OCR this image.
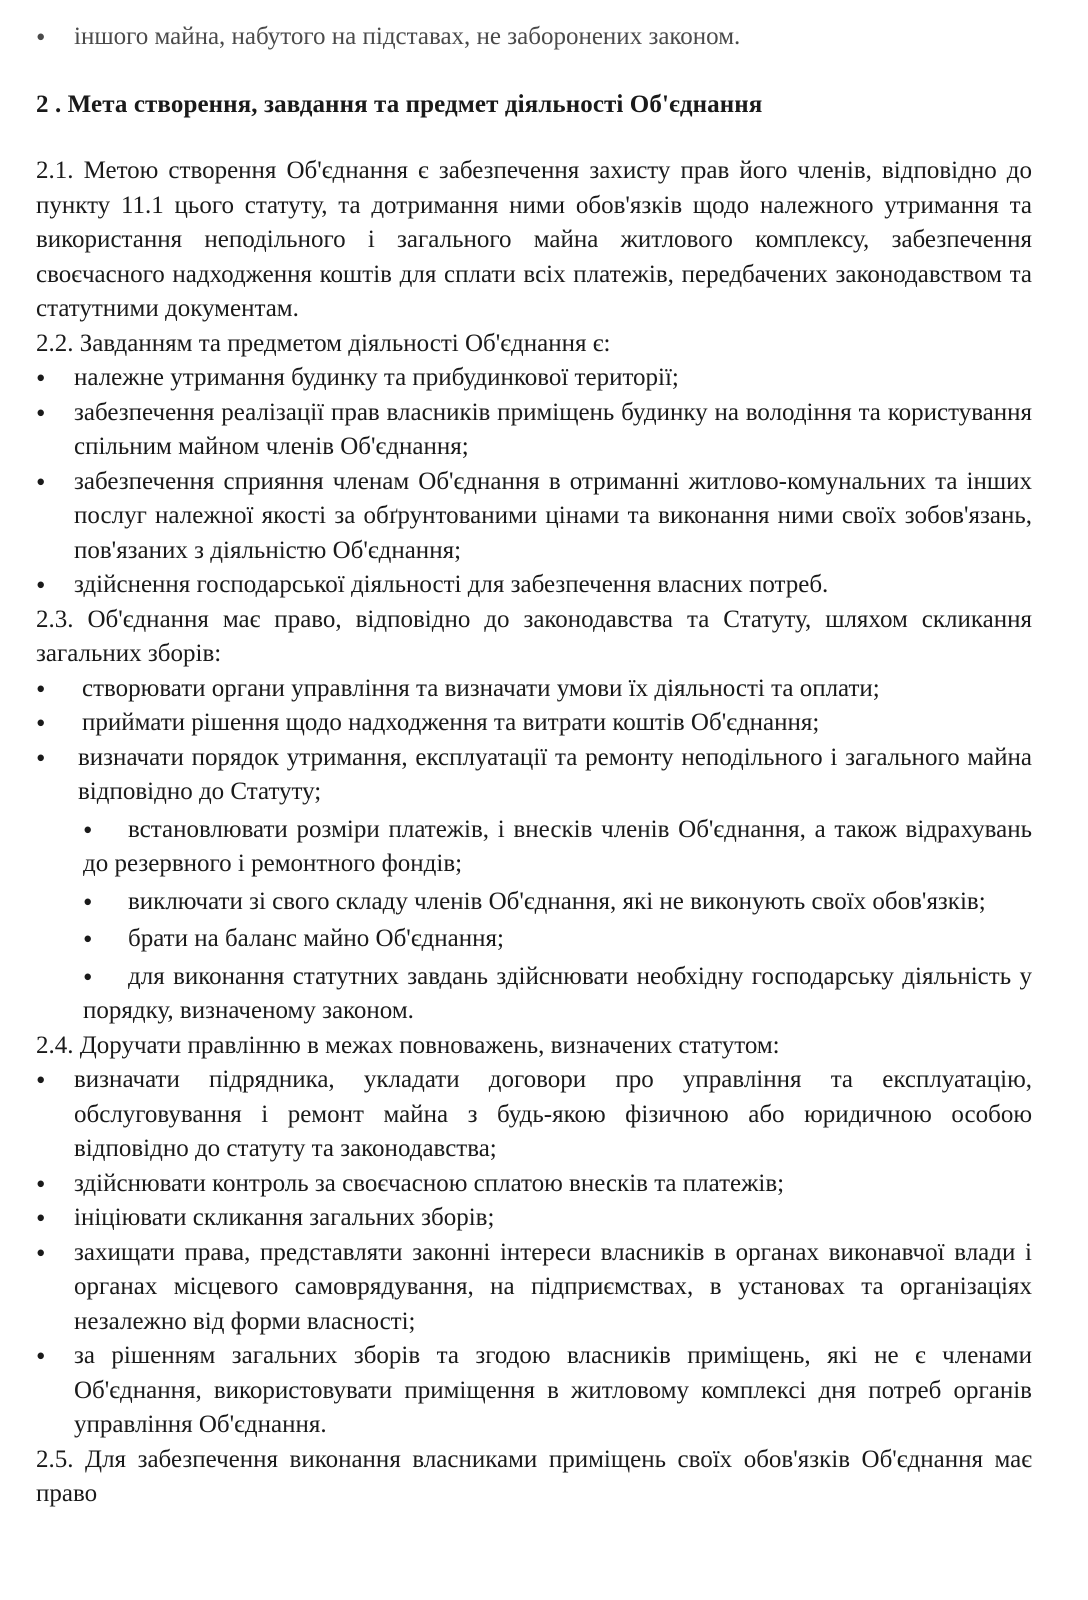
• іншого майна, набутого на підставах, не заборонених законом.
2 . Мета створення, завдання та предмет діяльності Об'єднання

2.1. Метою створення Об'єднання є забезпечення захисту прав його членів, відповідно до пункту 11.1 цього статуту, та дотримання ними обов'язків щодо належного утримання та використання неподільного і загального майна житлового комплексу, забезпечення своєчасного надходження коштів для сплати всіх платежів, передбачених законодавством та статутними документам.

2.2. Завданням та предметом діяльності Об'єднання є:

• належне утримання будинку та прибудинкової території;
• забезпечення реалізації прав власників приміщень будинку на володіння та користування спільним майном членів Об'єднання;
• забезпечення сприяння членам Об'єднання в отриманні житлово-комунальних та інших послуг належної якості за обґрунтованими цінами та виконання ними своїх зобов'язань, пов'язаних з діяльністю Об'єднання;
• здійснення господарської діяльності для забезпечення власних потреб.

2.3. Об'єднання має право, відповідно до законодавства та Статуту, шляхом скликання загальних зборів:

• створювати органи управління та визначати умови їх діяльності та оплати;
• приймати рішення щодо надходження та витрати коштів Об'єднання;
• визначати порядок утримання, експлуатації та ремонту неподільного і загального майна відповідно до Статуту;
• встановлювати розміри платежів, і внесків членів Об'єднання, а також відрахувань до резервного і ремонтного фондів;
• виключати зі свого складу членів Об'єднання, які не виконують своїх обов'язків;
• брати на баланс майно Об'єднання;
• для виконання статутних завдань здійснювати необхідну господарську діяльність у порядку, визначеному законом.

2.4. Доручати правлінню в межах повноважень, визначених статутом:

• визначати підрядника, укладати договори про управління та експлуатацію, обслуговування і ремонт майна з будь-якою фізичною або юридичною особою відповідно до статуту та законодавства;
• здійснювати контроль за своєчасною сплатою внесків та платежів;
• ініціювати скликання загальних зборів;
• захищати права, представляти законні інтереси власників в органах виконавчої влади і органах місцевого самоврядування, на підприємствах, в установах та організаціях незалежно від форми власності;
• за рішенням загальних зборів та згодою власників приміщень, які не є членами Об'єднання, використовувати приміщення в житловому комплексі дня потреб органів управління Об'єднання.

2.5. Для забезпечення виконання власниками приміщень своїх обов'язків Об'єднання має право
